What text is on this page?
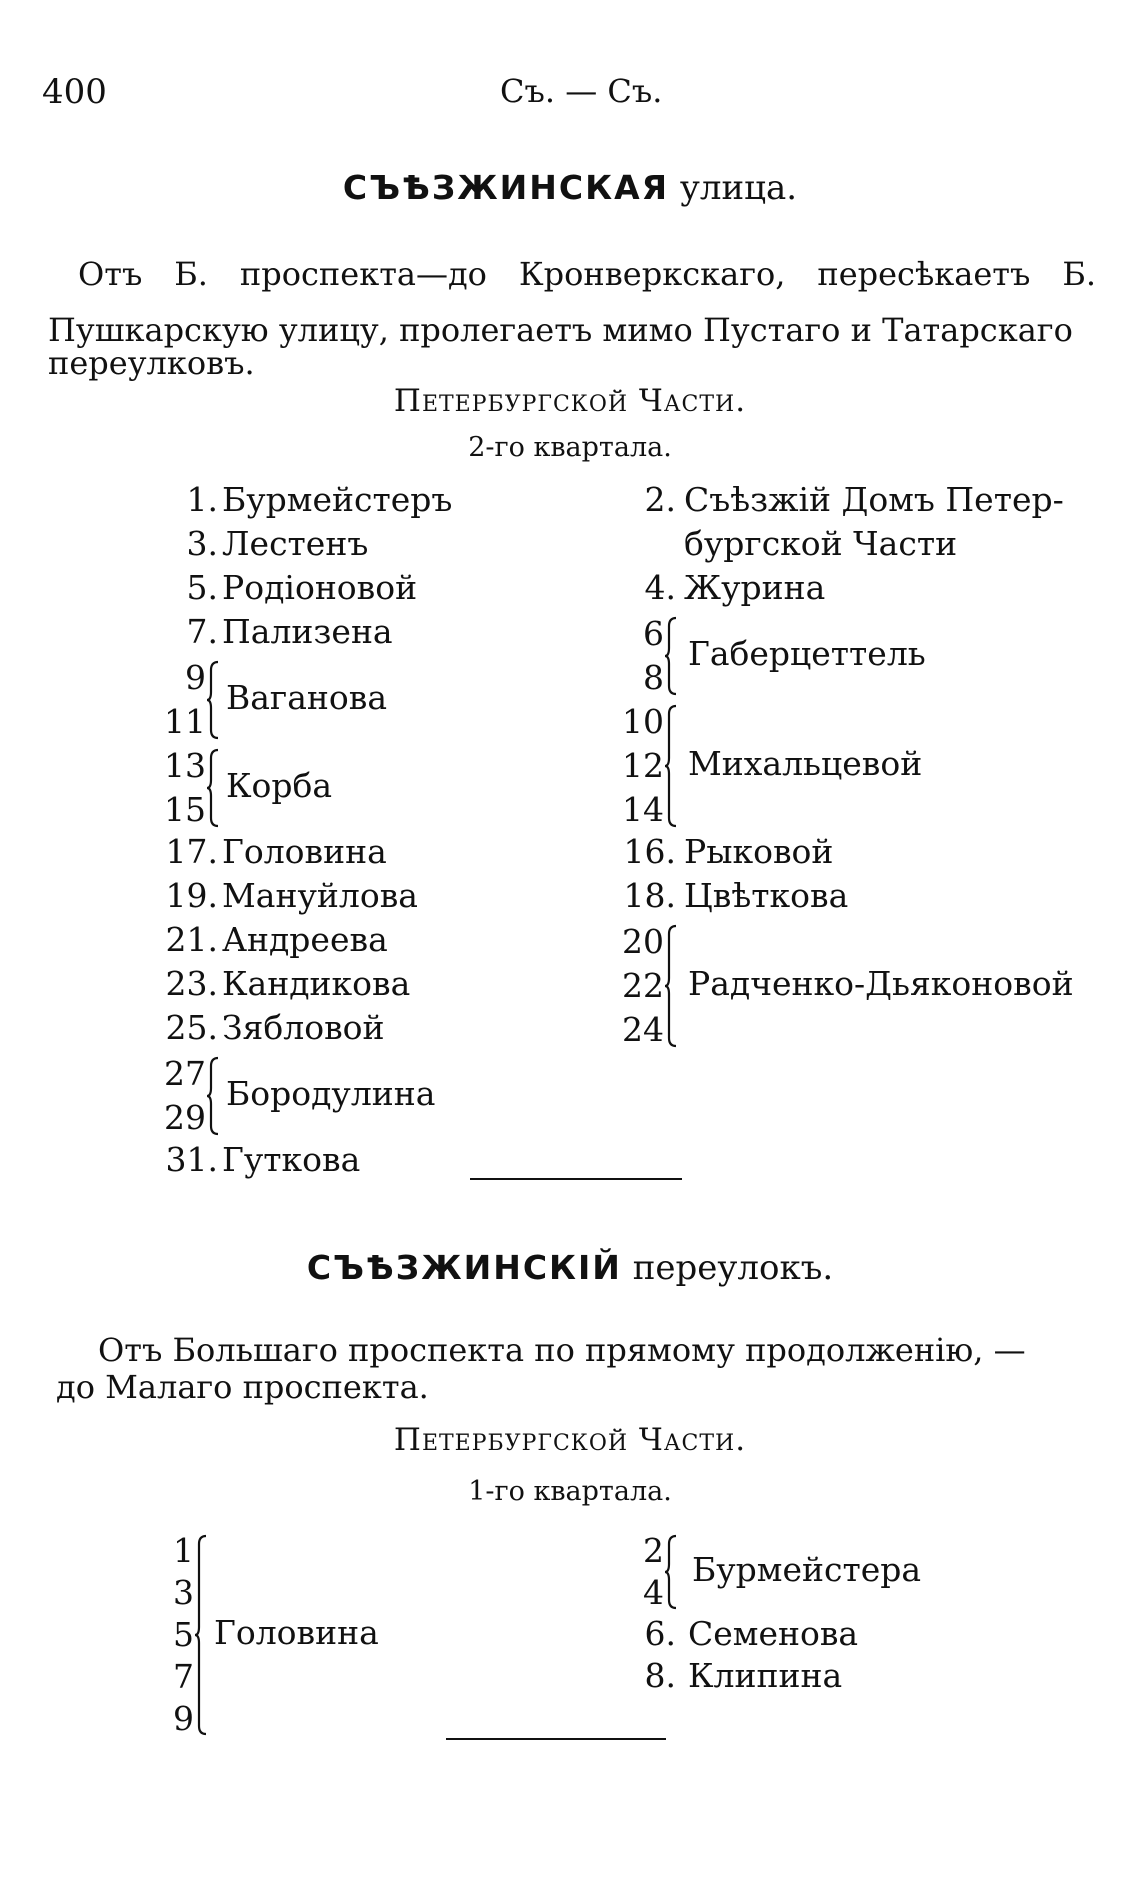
400	Съ. — Съ.
СЪѢЗЖИНСКАЯ улица.
Отъ Б. проспекта—до Кронверкскаго, пересѣкаетъ Б. Пушкарскую улицу, пролегаетъ мимо Пустаго и Татарскаго
переулковъ.
Петербургской Части.
2-го квартала.
1. Бурмейстеръ
3. Лестенъ
5. Родіоновой
7. Пализена
9
11
Ваганова
13
15
Корба
17. Головина
19. Мануйлова
21. Андреева
23. Кандикова
25. Зябловой
27
29
Бородулина
31. Гуткова
2. Съѣзжій Домъ Петер-
бургской Части
4. Журина
6
8
Габерцеттель
10
12
14
Михальцевой
16. Рыковой
18. Цвѣткова
20
22
24
Радченко-Дьяконовой
СЪѢЗЖИНСКІЙ переулокъ.
Отъ Большаго проспекта по прямому продолженію, —
до Малаго проспекта.
Петербургской Части.
1-го квартала.
1
3
5
7
9
Головина
2
4
Бурмейстера
6. Семенова
8. Клипина
